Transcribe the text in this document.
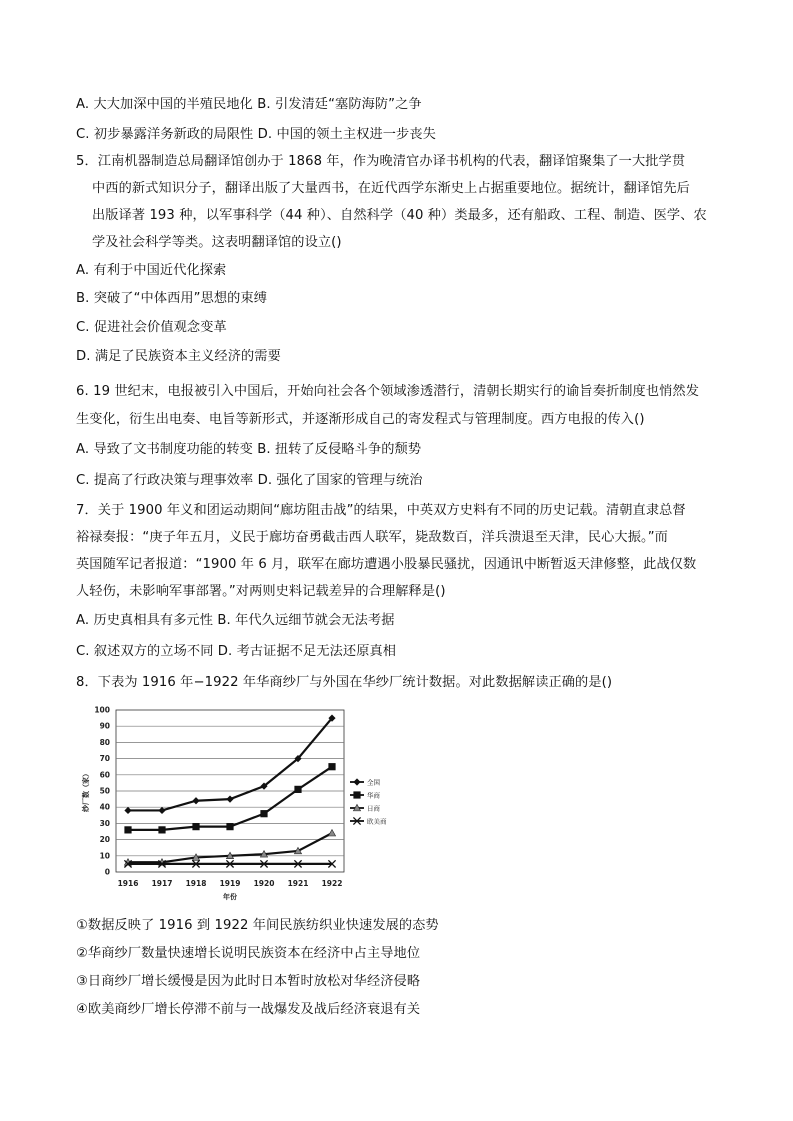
A. 大大加深中国的半殖民地化 B. 引发清廷“塞防海防”之争
C. 初步暴露洋务新政的局限性 D. 中国的领土主权进一步丧失
5．江南机器制造总局翻译馆创办于 1868 年，作为晚清官办译书机构的代表，翻译馆聚集了一大批学贯
中西的新式知识分子，翻译出版了大量西书，在近代西学东渐史上占据重要地位。据统计，翻译馆先后
出版译著 193 种，以军事科学（44 种）、自然科学（40 种）类最多，还有船政、工程、制造、医学、农
学及社会科学等类。这表明翻译馆的设立()
A. 有利于中国近代化探索
B. 突破了“中体西用”思想的束缚
C. 促进社会价值观念变革
D. 满足了民族资本主义经济的需要
6. 19 世纪末，电报被引入中国后，开始向社会各个领域渗透潜行，清朝长期实行的谕旨奏折制度也悄然发
生变化，衍生出电奏、电旨等新形式，并逐渐形成自己的寄发程式与管理制度。西方电报的传入()
A. 导致了文书制度功能的转变 B. 扭转了反侵略斗争的颓势
C. 提高了行政决策与理事效率 D. 强化了国家的管理与统治
7．关于 1900 年义和团运动期间“廊坊阻击战”的结果，中英双方史料有不同的历史记载。清朝直隶总督
裕禄奏报：“庚子年五月，义民于廊坊奋勇截击西人联军，毙敌数百，洋兵溃退至天津，民心大振。”而
英国随军记者报道：“1900 年 6 月，联军在廊坊遭遇小股暴民骚扰，因通讯中断暂返天津修整，此战仅数
人轻伤，未影响军事部署。”对两则史料记载差异的合理解释是()
A. 历史真相具有多元性 B. 年代久远细节就会无法考据
C. 叙述双方的立场不同 D. 考古证据不足无法还原真相
8．下表为 1916 年−1922 年华商纱厂与外国在华纱厂统计数据。对此数据解读正确的是()
0
10
20
30
40
50
60
70
80
90
100
1916 1917 1918 1919 1920 1921 1922
年份
纱厂数（家）	全国
华商
日商
欧美商
①数据反映了 1916 到 1922 年间民族纺织业快速发展的态势
②华商纱厂数量快速增长说明民族资本在经济中占主导地位
③日商纱厂增长缓慢是因为此时日本暂时放松对华经济侵略
④欧美商纱厂增长停滞不前与一战爆发及战后经济衰退有关
